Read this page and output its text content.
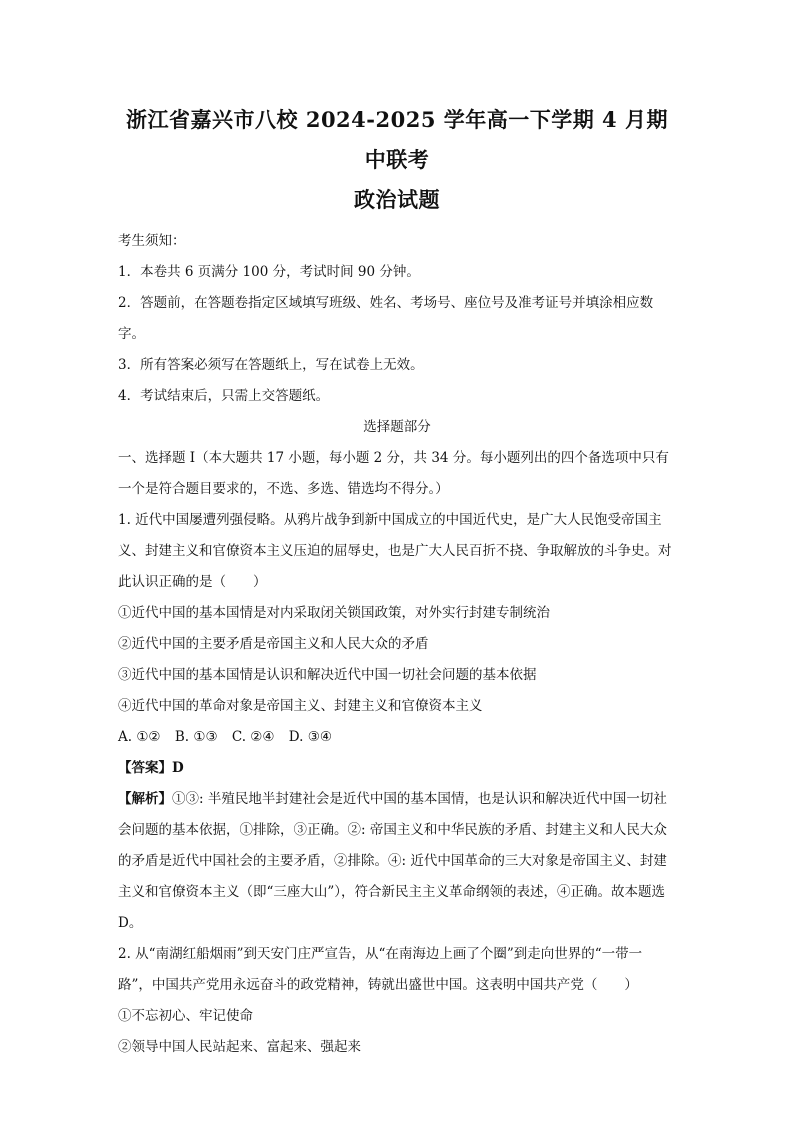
浙江省嘉兴市八校 2024-2025 学年高一下学期 4 月期中联考
政治试题
考生须知：
1．本卷共 6 页满分 100 分，考试时间 90 分钟。
2．答题前，在答题卷指定区域填写班级、姓名、考场号、座位号及准考证号并填涂相应数字。
3．所有答案必须写在答题纸上，写在试卷上无效。
4．考试结束后，只需上交答题纸。
选择题部分
一、选择题 I（本大题共 17 小题，每小题 2 分，共 34 分。每小题列出的四个备选项中只有一个是符合题目要求的，不选、多选、错选均不得分。）
1. 近代中国屡遭列强侵略。从鸦片战争到新中国成立的中国近代史，是广大人民饱受帝国主义、封建主义和官僚资本主义压迫的屈辱史，也是广大人民百折不挠、争取解放的斗争史。对此认识正确的是（　　）
①近代中国的基本国情是对内采取闭关锁国政策，对外实行封建专制统治
②近代中国的主要矛盾是帝国主义和人民大众的矛盾
③近代中国的基本国情是认识和解决近代中国一切社会问题的基本依据
④近代中国的革命对象是帝国主义、封建主义和官僚资本主义
A. ①② B. ①③ C. ②④ D. ③④
【答案】D
【解析】①③: 半殖民地半封建社会是近代中国的基本国情，也是认识和解决近代中国一切社会问题的基本依据，①排除，③正确。②: 帝国主义和中华民族的矛盾、封建主义和人民大众的矛盾是近代中国社会的主要矛盾，②排除。④: 近代中国革命的三大对象是帝国主义、封建主义和官僚资本主义（即“三座大山”），符合新民主主义革命纲领的表述，④正确。故本题选 D。
2. 从“南湖红船烟雨”到天安门庄严宣告，从“在南海边上画了个圈”到走向世界的“一带一路”，中国共产党用永远奋斗的政党精神，铸就出盛世中国。这表明中国共产党（　　）
①不忘初心、牢记使命
②领导中国人民站起来、富起来、强起来
